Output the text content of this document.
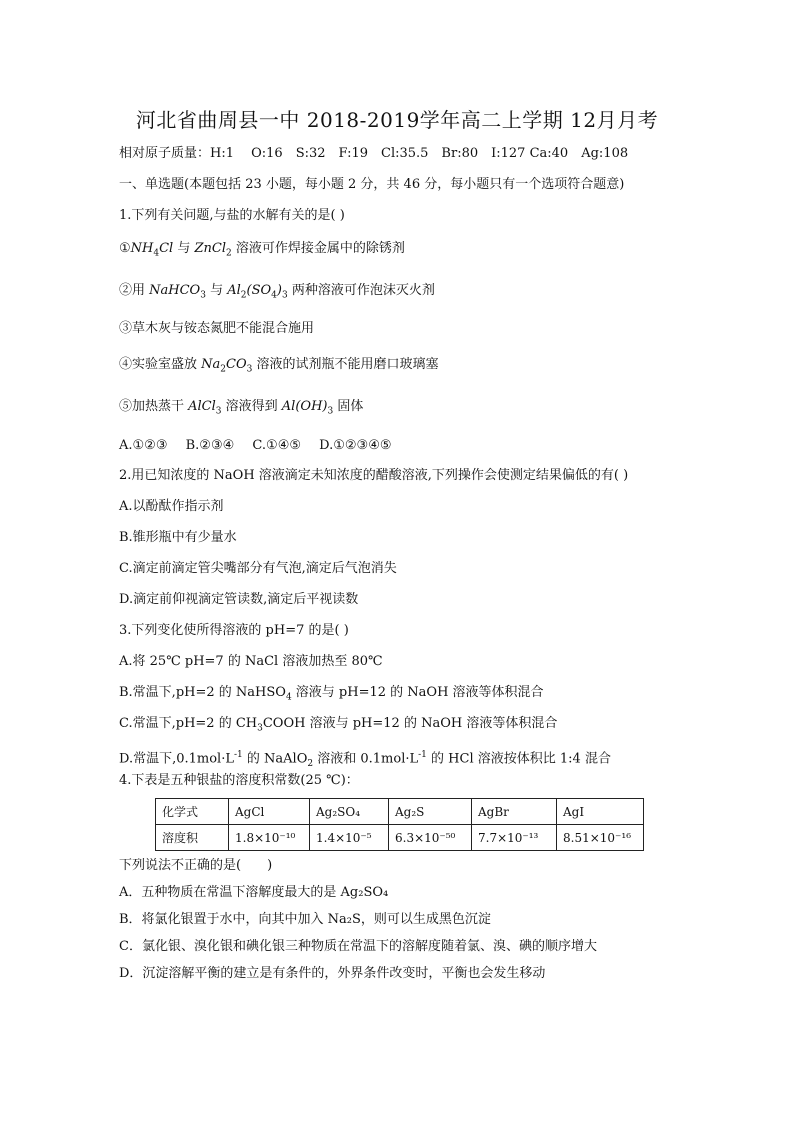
河北省曲周县一中 2018-2019学年高二上学期 12月月考
相对原子质量：H:1　 O:16　S:32　F:19　Cl:35.5　Br:80　I:127 Ca:40　Ag:108
一、单选题(本题包括 23 小题，每小题 2 分，共 46 分，每小题只有一个选项符合题意)
1.下列有关问题,与盐的水解有关的是( )
$①NH_4Cl$ 与 ZnCl$_2$ 溶液可作焊接金属中的除锈剂
②用 NaHCO$_3$ 与 $Al_2(SO_4)_3$ 两种溶液可作泡沫灭火剂
③草木灰与铵态氮肥不能混合施用
④实验室盛放 $Na_2CO_3$ 溶液的试剂瓶不能用磨口玻璃塞
⑤加热蒸干 AlCl$_3$ 溶液得到 $Al(OH)_3$ 固体
A.①②③ B.②③④ C.①④⑤ D.①②③④⑤
2.用已知浓度的 NaOH 溶液滴定未知浓度的醋酸溶液,下列操作会使测定结果偏低的有( )
A.以酚酞作指示剂
B.锥形瓶中有少量水
C.滴定前滴定管尖嘴部分有气泡,滴定后气泡消失
D.滴定前仰视滴定管读数,滴定后平视读数
3.下列变化使所得溶液的 pH=7 的是( )
A.将 25℃ pH=7 的 NaCl 溶液加热至 80℃
B.常温下,pH=2 的 NaHSO$_4$ 溶液与 pH=12 的 NaOH 溶液等体积混合
C.常温下,pH=2 的 $CH_3COOH$ 溶液与 pH=12 的 NaOH 溶液等体积混合
D.常温下$,0.1mol\cdot L^{-1}$ 的 NaAlO$_2$ 溶液和 $0.1mol\cdot L^{-1}$ 的 HCl 溶液按体积比 1:4 混合
4.下表是五种银盐的溶度积常数(25 ℃)：
化学式	AgCl	Ag₂SO₄	Ag₂S	AgBr	AgI
溶度积	1.8×10⁻¹⁰	1.4×10⁻⁵	6.3×10⁻⁵⁰	7.7×10⁻¹³	8.51×10⁻¹⁶
下列说法不正确的是(　　)
A．五种物质在常温下溶解度最大的是 Ag₂SO₄
B．将氯化银置于水中，向其中加入 Na₂S，则可以生成黑色沉淀
C．氯化银、溴化银和碘化银三种物质在常温下的溶解度随着氯、溴、碘的顺序增大
D．沉淀溶解平衡的建立是有条件的，外界条件改变时，平衡也会发生移动
